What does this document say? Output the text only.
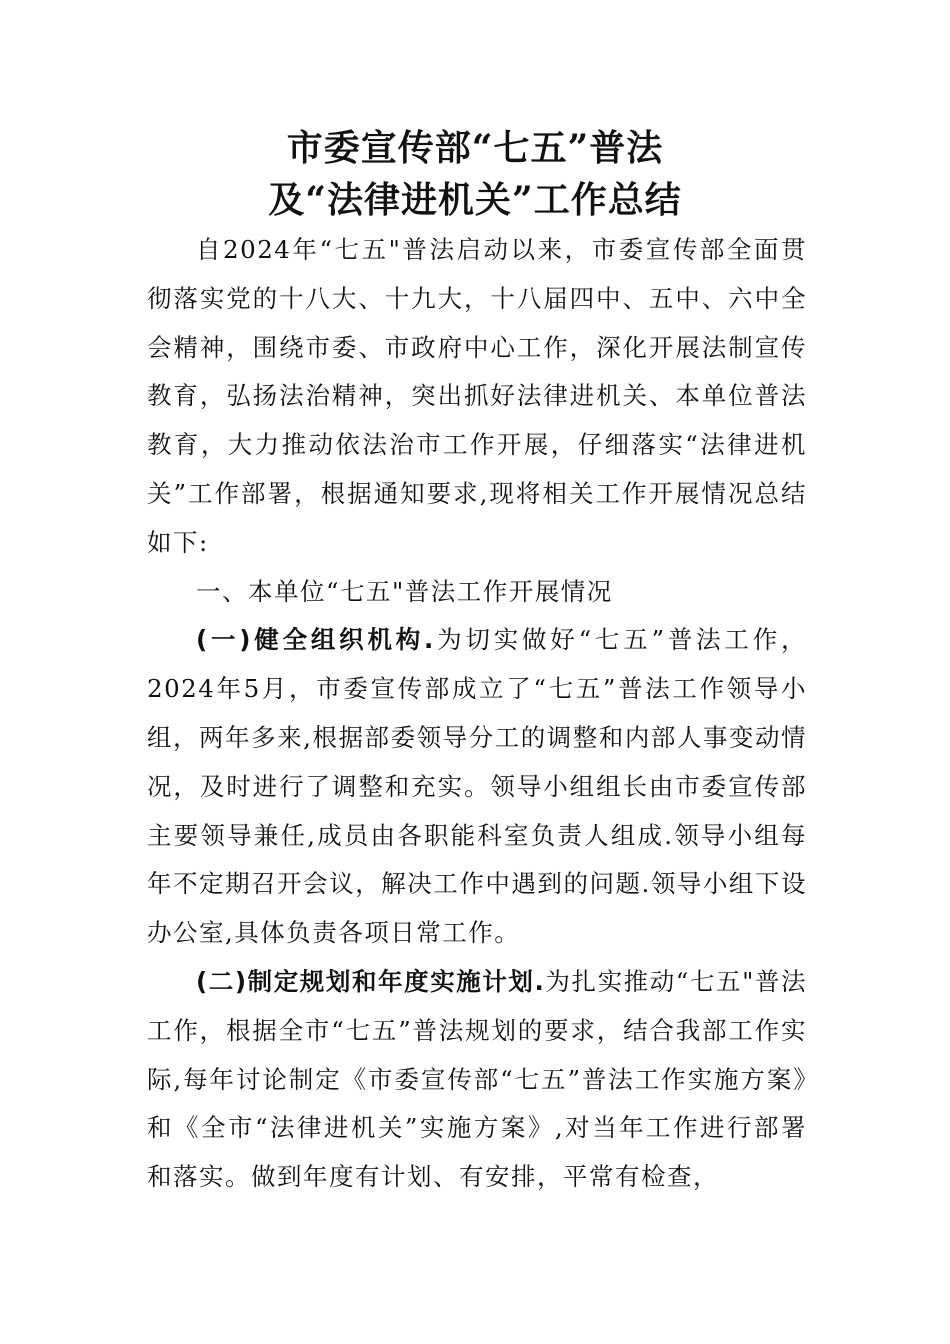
市委宣传部“七五”普法
及“法律进机关”工作总结

自2024年“七五"普法启动以来，市委宣传部全面贯彻落实党的十八大、十九大，十八届四中、五中、六中全会精神，围绕市委、市政府中心工作，深化开展法制宣传教育，弘扬法治精神，突出抓好法律进机关、本单位普法教育，大力推动依法治市工作开展，仔细落实“法律进机关”工作部署，根据通知要求,现将相关工作开展情况总结如下:

一、本单位“七五"普法工作开展情况

(一)健全组织机构.为切实做好“七五”普法工作，2024年5月，市委宣传部成立了“七五”普法工作领导小组，两年多来,根据部委领导分工的调整和内部人事变动情况，及时进行了调整和充实。领导小组组长由市委宣传部主要领导兼任,成员由各职能科室负责人组成.领导小组每年不定期召开会议，解决工作中遇到的问题.领导小组下设办公室,具体负责各项日常工作。

(二)制定规划和年度实施计划.为扎实推动“七五"普法工作，根据全市“七五”普法规划的要求，结合我部工作实际,每年讨论制定《市委宣传部“七五”普法工作实施方案》和《全市“法律进机关”实施方案》,对当年工作进行部署和落实。做到年度有计划、有安排，平常有检查，
